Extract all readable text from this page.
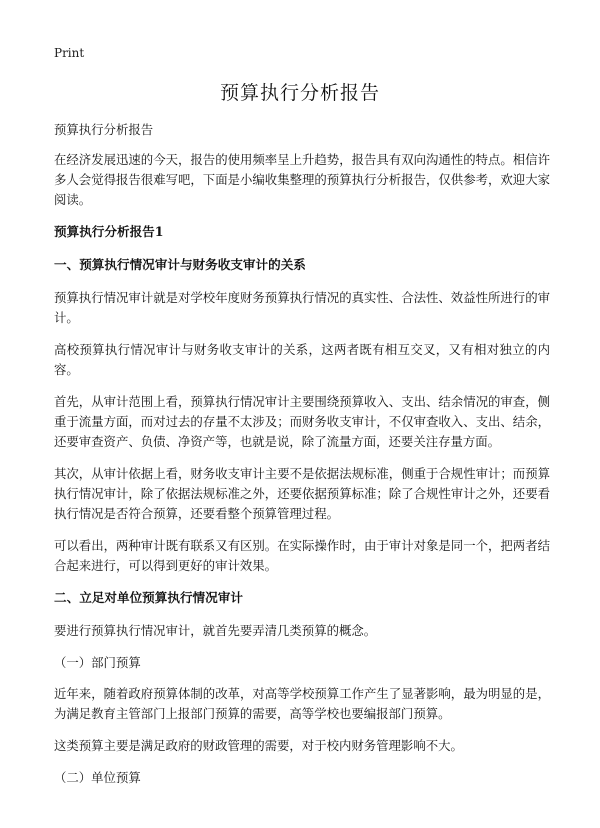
Print
预算执行分析报告

预算执行分析报告

在经济发展迅速的今天，报告的使用频率呈上升趋势，报告具有双向沟通性的特点。相信许多人会觉得报告很难写吧，下面是小编收集整理的预算执行分析报告，仅供参考，欢迎大家阅读。

预算执行分析报告1
一、预算执行情况审计与财务收支审计的关系

预算执行情况审计就是对学校年度财务预算执行情况的真实性、合法性、效益性所进行的审计。

高校预算执行情况审计与财务收支审计的关系，这两者既有相互交叉，又有相对独立的内容。

首先，从审计范围上看，预算执行情况审计主要围绕预算收入、支出、结余情况的审查，侧重于流量方面，而对过去的存量不太涉及；而财务收支审计，不仅审查收入、支出、结余，还要审查资产、负债、净资产等，也就是说，除了流量方面，还要关注存量方面。

其次，从审计依据上看，财务收支审计主要不是依据法规标准，侧重于合规性审计；而预算执行情况审计，除了依据法规标准之外，还要依据预算标准；除了合规性审计之外，还要看执行情况是否符合预算，还要看整个预算管理过程。

可以看出，两种审计既有联系又有区别。在实际操作时，由于审计对象是同一个，把两者结合起来进行，可以得到更好的审计效果。

二、立足对单位预算执行情况审计

要进行预算执行情况审计，就首先要弄清几类预算的概念。

（一）部门预算

近年来，随着政府预算体制的改革，对高等学校预算工作产生了显著影响，最为明显的是，为满足教育主管部门上报部门预算的需要，高等学校也要编报部门预算。

这类预算主要是满足政府的财政管理的需要，对于校内财务管理影响不大。

（二）单位预算
